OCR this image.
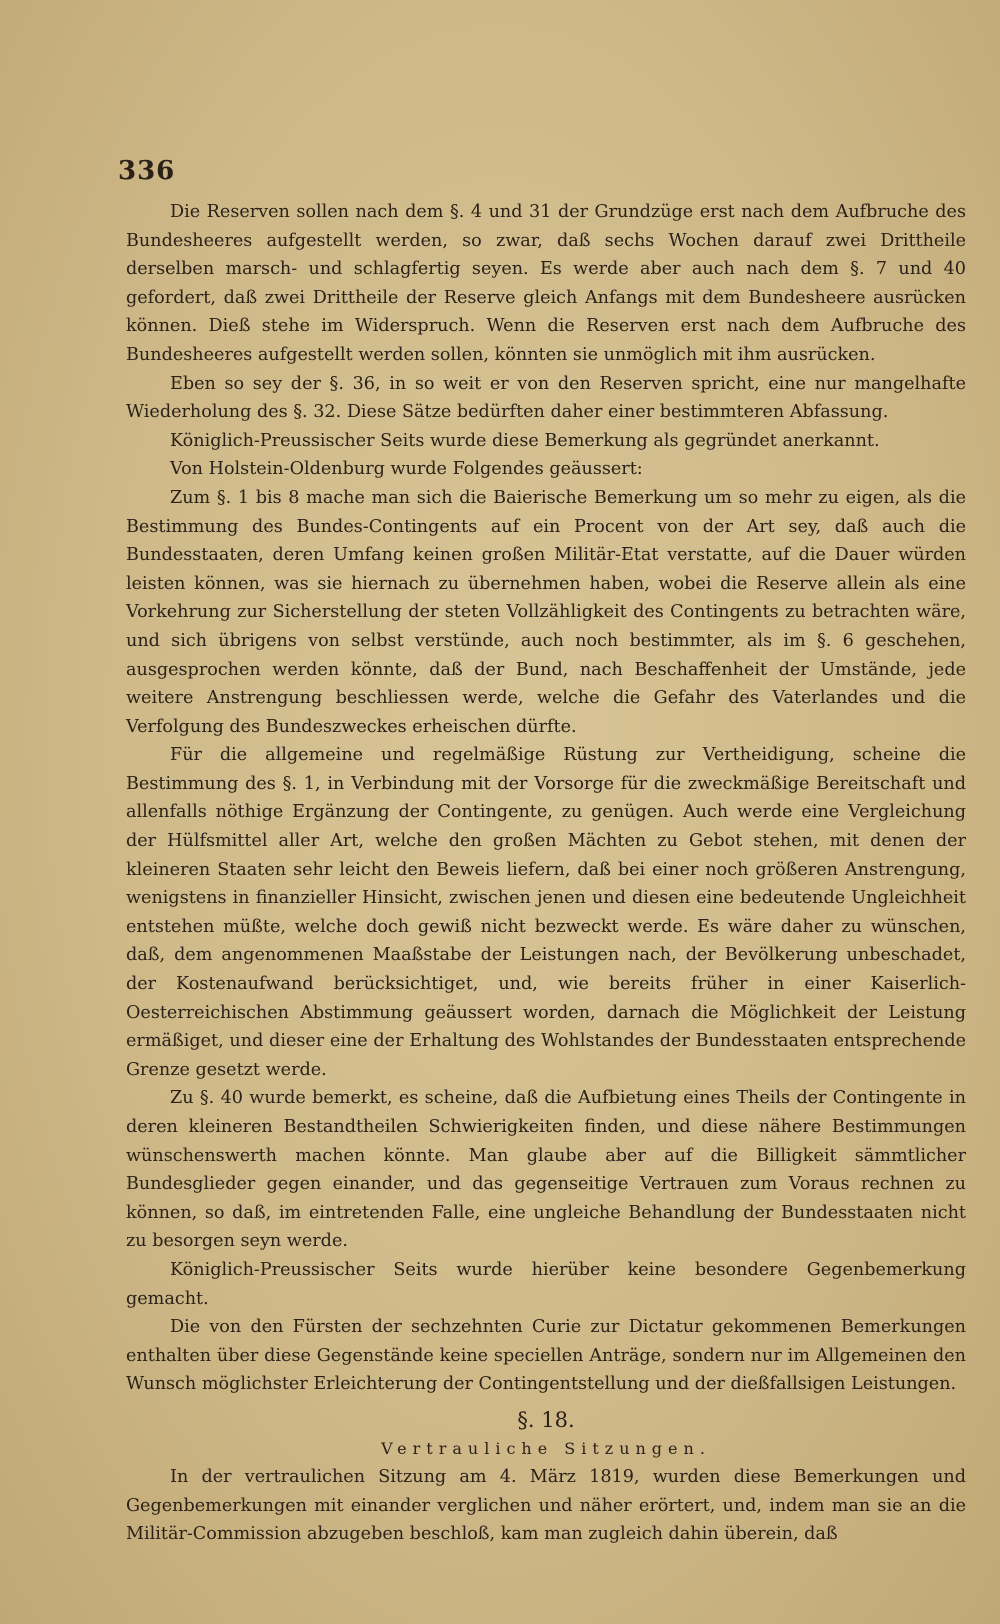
336

Die Reserven sollen nach dem §. 4 und 31 der Grundzüge erst nach dem Aufbruche des Bundesheeres aufgestellt werden, so zwar, daß sechs Wochen darauf zwei Drittheile derselben marsch- und schlagfertig seyen. Es werde aber auch nach dem §. 7 und 40 gefordert, daß zwei Drittheile der Reserve gleich Anfangs mit dem Bundesheere ausrücken können. Dieß stehe im Widerspruch. Wenn die Reserven erst nach dem Aufbruche des Bundesheeres aufgestellt werden sollen, könnten sie unmöglich mit ihm ausrücken.

Eben so sey der §. 36, in so weit er von den Reserven spricht, eine nur mangelhafte Wiederholung des §. 32. Diese Sätze bedürften daher einer bestimmteren Abfassung.

Königlich-Preussischer Seits wurde diese Bemerkung als gegründet anerkannt.

Von Holstein-Oldenburg wurde Folgendes geäussert:

Zum §. 1 bis 8 mache man sich die Baierische Bemerkung um so mehr zu eigen, als die Bestimmung des Bundes-Contingents auf ein Procent von der Art sey, daß auch die Bundesstaaten, deren Umfang keinen großen Militär-Etat verstatte, auf die Dauer würden leisten können, was sie hiernach zu übernehmen haben, wobei die Reserve allein als eine Vorkehrung zur Sicherstellung der steten Vollzähligkeit des Contingents zu betrachten wäre, und sich übrigens von selbst verstünde, auch noch bestimmter, als im §. 6 geschehen, ausgesprochen werden könnte, daß der Bund, nach Beschaffenheit der Umstände, jede weitere Anstrengung beschliessen werde, welche die Gefahr des Vaterlandes und die Verfolgung des Bundeszweckes erheischen dürfte.

Für die allgemeine und regelmäßige Rüstung zur Vertheidigung, scheine die Bestimmung des §. 1, in Verbindung mit der Vorsorge für die zweckmäßige Bereitschaft und allenfalls nöthige Ergänzung der Contingente, zu genügen. Auch werde eine Vergleichung der Hülfsmittel aller Art, welche den großen Mächten zu Gebot stehen, mit denen der kleineren Staaten sehr leicht den Beweis liefern, daß bei einer noch größeren Anstrengung, wenigstens in finanzieller Hinsicht, zwischen jenen und diesen eine bedeutende Ungleichheit entstehen müßte, welche doch gewiß nicht bezweckt werde. Es wäre daher zu wünschen, daß, dem angenommenen Maaßstabe der Leistungen nach, der Bevölkerung unbeschadet, der Kostenaufwand berücksichtiget, und, wie bereits früher in einer Kaiserlich-Oesterreichischen Abstimmung geäussert worden, darnach die Möglichkeit der Leistung ermäßiget, und dieser eine der Erhaltung des Wohlstandes der Bundesstaaten entsprechende Grenze gesetzt werde.

Zu §. 40 wurde bemerkt, es scheine, daß die Aufbietung eines Theils der Contingente in deren kleineren Bestandtheilen Schwierigkeiten finden, und diese nähere Bestimmungen wünschenswerth machen könnte. Man glaube aber auf die Billigkeit sämmtlicher Bundesglieder gegen einander, und das gegenseitige Vertrauen zum Voraus rechnen zu können, so daß, im eintretenden Falle, eine ungleiche Behandlung der Bundesstaaten nicht zu besorgen seyn werde.

Königlich-Preussischer Seits wurde hierüber keine besondere Gegenbemerkung gemacht.

Die von den Fürsten der sechzehnten Curie zur Dictatur gekommenen Bemerkungen enthalten über diese Gegenstände keine speciellen Anträge, sondern nur im Allgemeinen den Wunsch möglichster Erleichterung der Contingentstellung und der dießfallsigen Leistungen.

§. 18.
Vertrauliche Sitzungen.

In der vertraulichen Sitzung am 4. März 1819, wurden diese Bemerkungen und Gegenbemerkungen mit einander verglichen und näher erörtert, und, indem man sie an die Militär-Commission abzugeben beschloß, kam man zugleich dahin überein, daß
